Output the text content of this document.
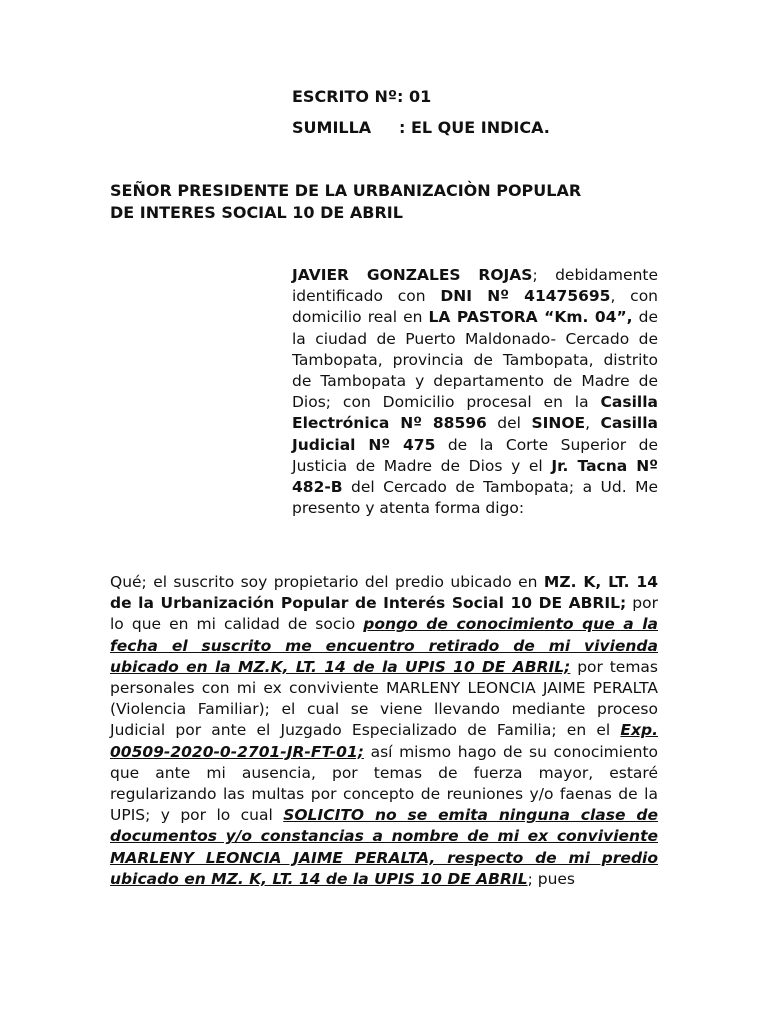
ESCRITO Nº: 01
SUMILLA     : EL QUE INDICA.
SEÑOR PRESIDENTE DE LA URBANIZACIÒN POPULAR
DE INTERES SOCIAL 10 DE ABRIL
JAVIER GONZALES ROJAS; debidamente identificado con DNI Nº 41475695, con domicilio real en LA PASTORA “Km. 04”, de la ciudad de Puerto Maldonado- Cercado de Tambopata, provincia de Tambopata, distrito de Tambopata y departamento de Madre de Dios; con Domicilio procesal en la Casilla Electrónica Nº 88596 del SINOE, Casilla Judicial Nº 475 de la Corte Superior de Justicia de Madre de Dios y el Jr. Tacna Nº 482-B del Cercado de Tambopata; a Ud. Me presento y atenta forma digo:
Qué; el suscrito soy propietario del predio ubicado en MZ. K, LT. 14 de la Urbanización Popular de Interés Social 10 DE ABRIL; por lo que en mi calidad de socio pongo de conocimiento que a la fecha el suscrito me encuentro retirado de mi vivienda ubicado en la MZ.K, LT. 14 de la UPIS 10 DE ABRIL; por temas personales con mi ex conviviente MARLENY LEONCIA JAIME PERALTA (Violencia Familiar); el cual se viene llevando mediante proceso Judicial por ante el Juzgado Especializado de Familia; en el Exp. 00509-2020-0-2701-JR-FT-01; así mismo hago de su conocimiento que ante mi ausencia, por temas de fuerza mayor, estaré regularizando las multas por concepto de reuniones y/o faenas de la UPIS; y por lo cual SOLICITO no se emita ninguna clase de documentos y/o constancias a nombre de mi ex conviviente MARLENY LEONCIA JAIME PERALTA, respecto de mi predio ubicado en MZ. K, LT. 14 de la UPIS 10 DE ABRIL; pues
